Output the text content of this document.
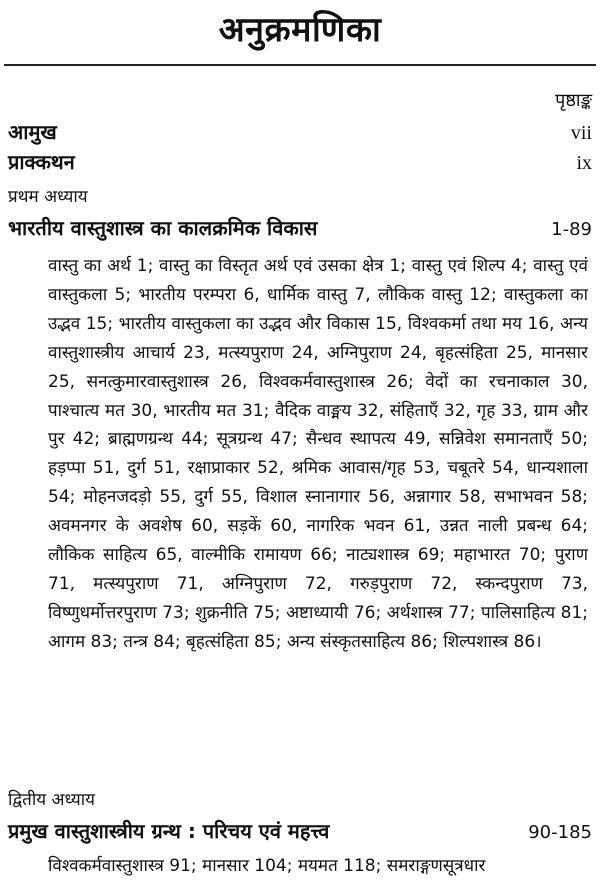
अनुक्रमणिका
पृष्ठाङ्क
आमुख	vii
प्राक्कथन	ix
प्रथम अध्याय
भारतीय वास्तुशास्त्र का कालक्रमिक विकास	1-89

वास्तु का अर्थ 1; वास्तु का विस्तृत अर्थ एवं उसका क्षेत्र 1; वास्तु एवं शिल्प 4; वास्तु एवं वास्तुकला 5; भारतीय परम्परा 6, धार्मिक वास्तु 7, लौकिक वास्तु 12; वास्तुकला का उद्भव 15; भारतीय वास्तुकला का उद्भव और विकास 15, विश्वकर्मा तथा मय 16, अन्य वास्तुशास्त्रीय आचार्य 23, मत्स्यपुराण 24, अग्निपुराण 24, बृहत्संहिता 25, मानसार 25, सनत्कुमारवास्तुशास्त्र 26, विश्वकर्मवास्तुशास्त्र 26; वेदों का रचनाकाल 30, पाश्चात्य मत 30, भारतीय मत 31; वैदिक वाङ्मय 32, संहिताएँ 32, गृह 33, ग्राम और पुर 42; ब्राह्मणग्रन्थ 44; सूत्रग्रन्थ 47; सैन्धव स्थापत्य 49, सन्निवेश समानताएँ 50; हड़प्पा 51, दुर्ग 51, रक्षाप्राकार 52, श्रमिक आवास/गृह 53, चबूतरे 54, धान्यशाला 54; मोहनजदड़ो 55, दुर्ग 55, विशाल स्नानागार 56, अन्नागार 58, सभाभवन 58; अवमनगर के अवशेष 60, सड़कें 60, नागरिक भवन 61, उन्नत नाली प्रबन्ध 64; लौकिक साहित्य 65, वाल्मीकि रामायण 66; नाट्यशास्त्र 69; महाभारत 70; पुराण 71, मत्स्यपुराण 71, अग्निपुराण 72, गरुड़पुराण 72, स्कन्दपुराण 73, विष्णुधर्मोत्तरपुराण 73; शुक्रनीति 75; अष्टाध्यायी 76; अर्थशास्त्र 77; पालिसाहित्य 81; आगम 83; तन्त्र 84; बृहत्संहिता 85; अन्य संस्कृतसाहित्य 86; शिल्पशास्त्र 86।

द्वितीय अध्याय
प्रमुख वास्तुशास्त्रीय ग्रन्थ : परिचय एवं महत्त्व	90-185

विश्वकर्मवास्तुशास्त्र 91; मानसार 104; मयमत 118; समराङ्गणसूत्रधार
